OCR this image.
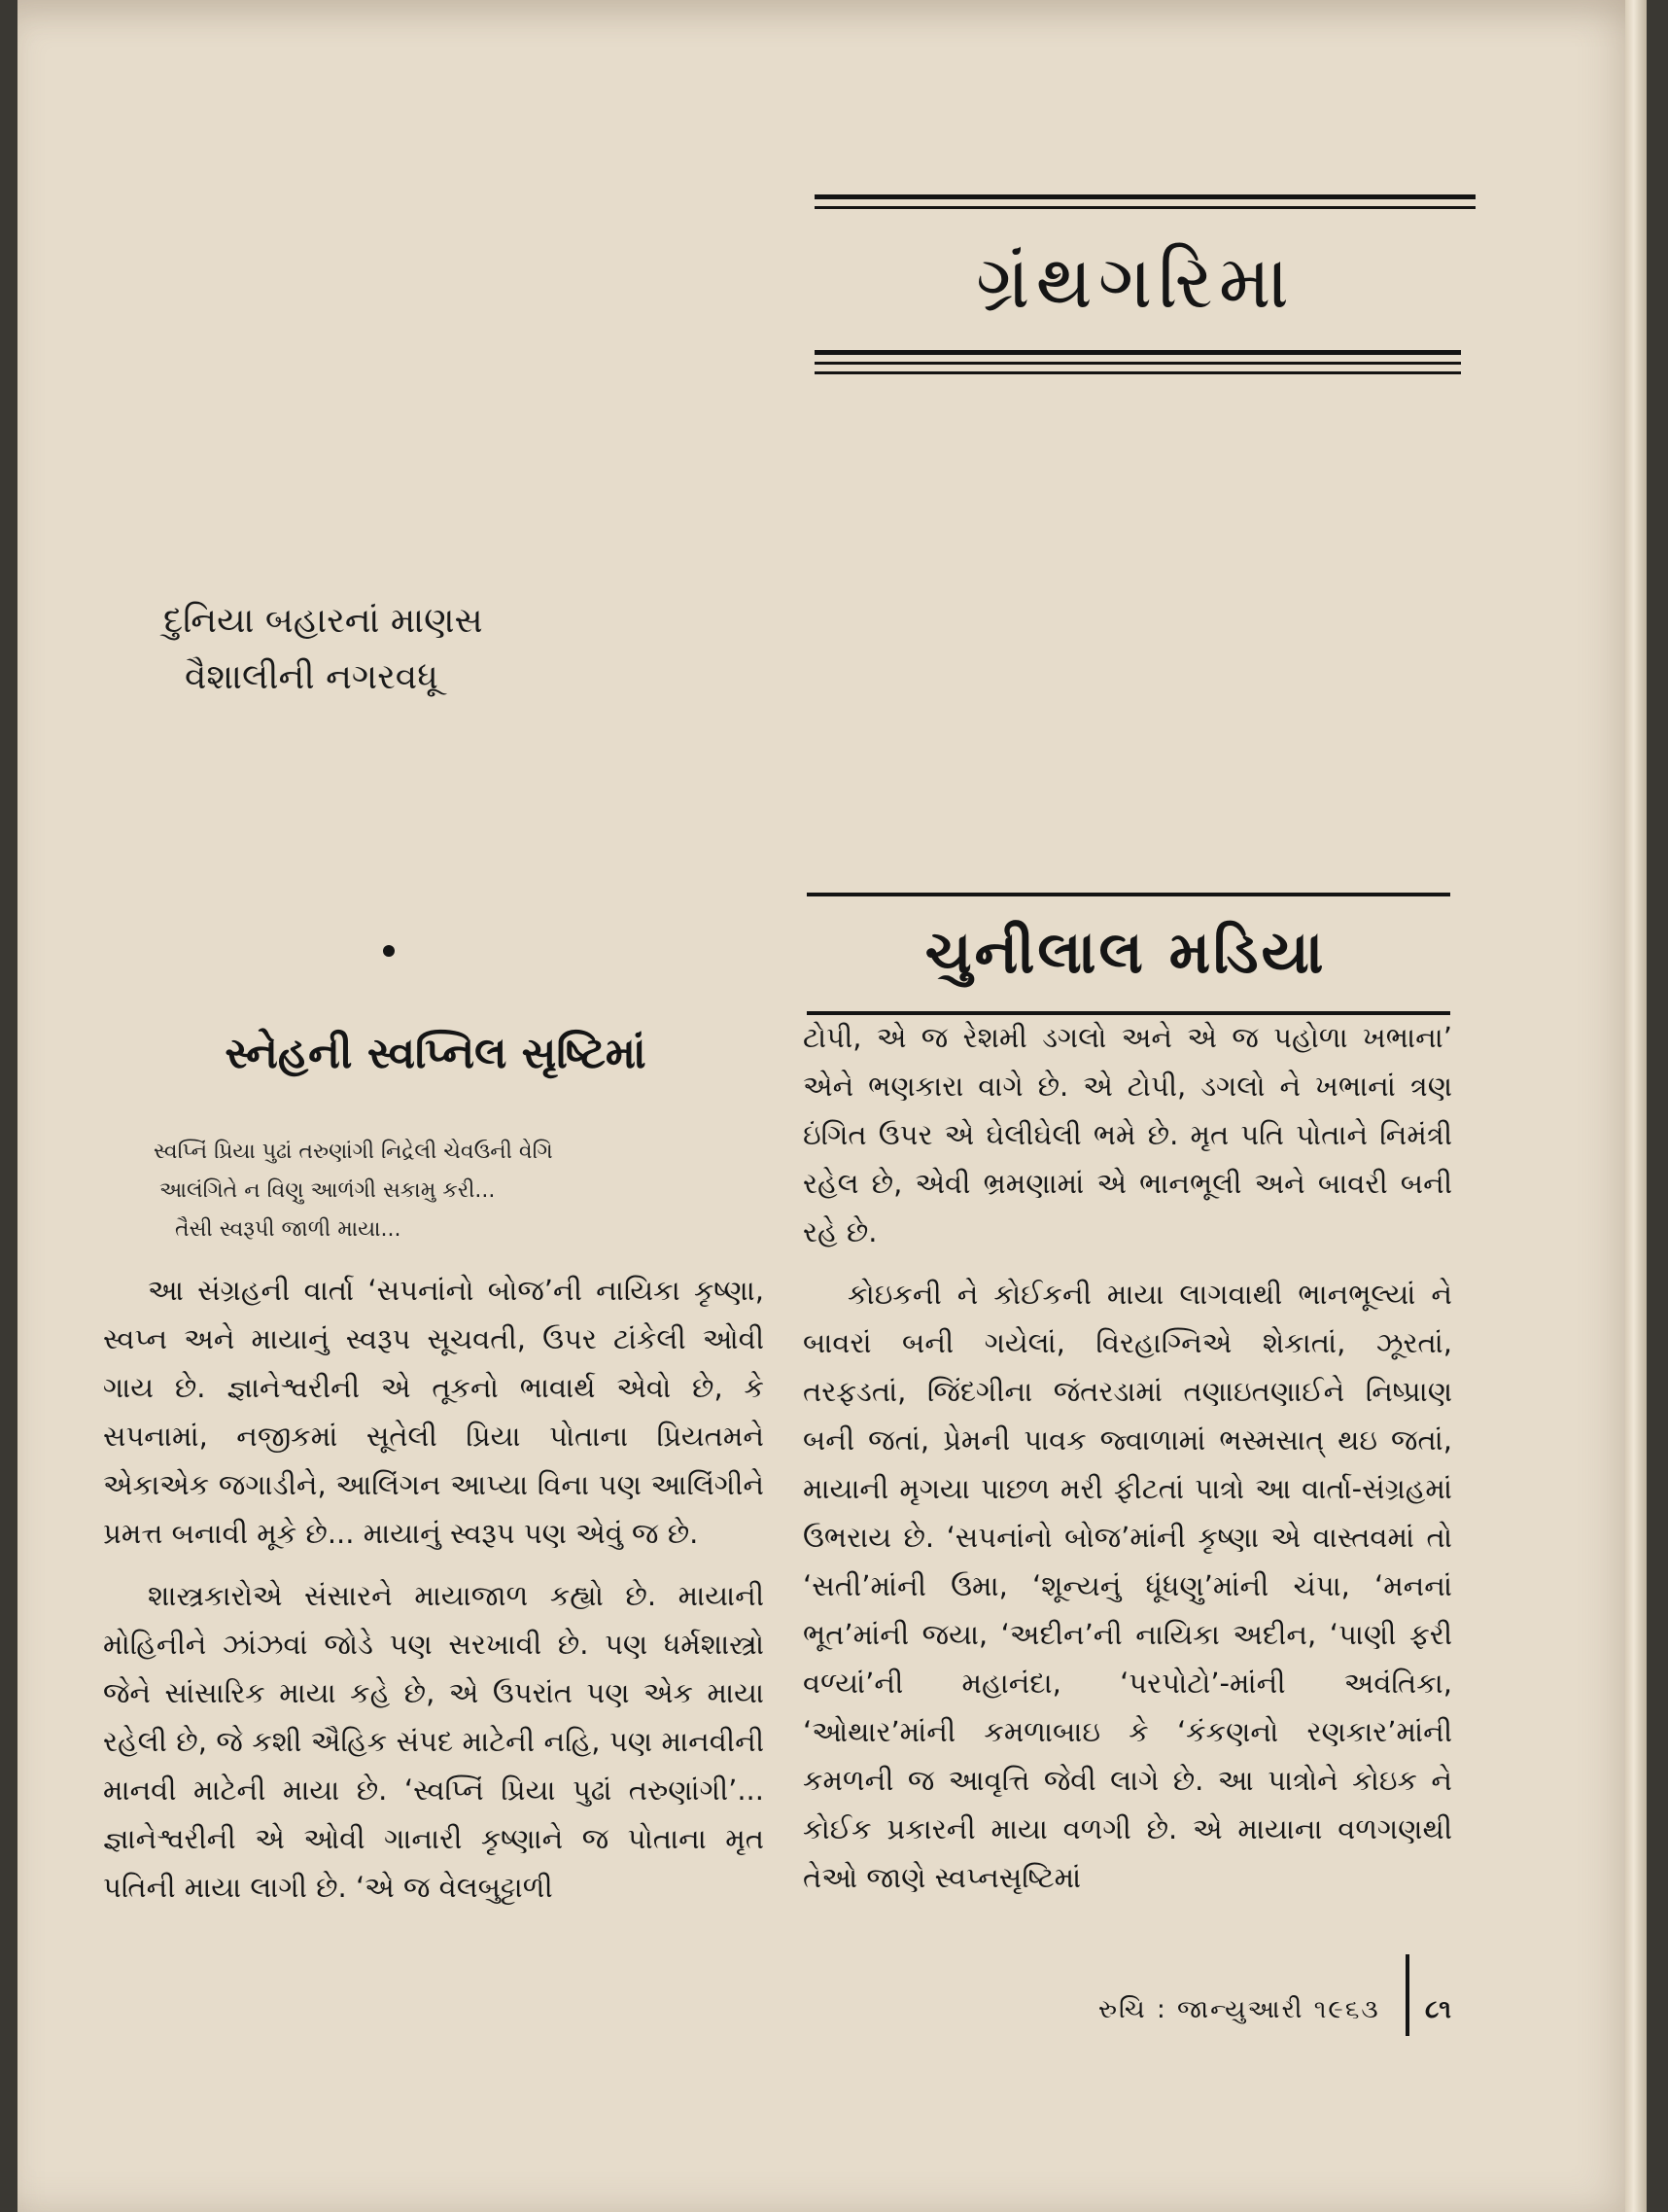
ગ્રંથગરિમા
ચુનીલાલ મડિયા
દુનિયા બહારનાં માણસ
વૈશાલીની નગરવધૂ
સ્નેહની સ્વપ્નિલ સૃષ્ટિમાં
સ્વપ્નિં પ્રિયા પુઢાં તરુણાંગી નિદ્રેલી ચેવઉની વેગિ
આલંગિતે ન વિણુ આળંગી સકામુ કરી...
તૈસી સ્વરૂપી જાળી માયા...

આ સંગ્રહની વાર્તા ‘સપનાંનો બોજ’ની નાયિકા કૃષ્ણા, સ્વપ્ન અને માયાનું સ્વરૂપ સૂચવતી, ઉપર ટાંકેલી ઓવી ગાય છે. જ્ઞાનેશ્વરીની એ તૂકનો ભાવાર્થ એવો છે, કે સપનામાં, નજીકમાં સૂતેલી પ્રિયા પોતાના પ્રિયતમને એકાએક જગાડીને, આલિંગન આપ્યા વિના પણ આલિંગીને પ્રમત્ત બનાવી મૂકે છે... માયાનું સ્વરૂપ પણ એવું જ છે.

શાસ્ત્રકારોએ સંસારને માયાજાળ કહ્યો છે. માયાની મોહિનીને ઝાંઝવાં જોડે પણ સરખાવી છે. પણ ધર્મશાસ્ત્રો જેને સાંસારિક માયા કહે છે, એ ઉપરાંત પણ એક માયા રહેલી છે, જે કશી ઐહિક સંપદ માટેની નહિ, પણ માનવીની માનવી માટેની માયા છે. ‘સ્વપ્નિં પ્રિયા પુઢાં તરુણાંગી’... જ્ઞાનેશ્વરીની એ ઓવી ગાનારી કૃષ્ણાને જ પોતાના મૃત પતિની માયા લાગી છે. ‘એ જ વેલબુટ્ટાળી

ટોપી, એ જ રેશમી ડગલો અને એ જ પહોળા ખભાના’ એને ભણકારા વાગે છે. એ ટોપી, ડગલો ને ખભાનાં ત્રણ ઇંગિત ઉપર એ ઘેલીઘેલી ભમે છે. મૃત પતિ પોતાને નિમંત્રી રહેલ છે, એવી ભ્રમણામાં એ ભાનભૂલી અને બાવરી બની રહે છે.

કોઇકની ને કોઈકની માયા લાગવાથી ભાનભૂલ્યાં ને બાવરાં બની ગયેલાં, વિરહાગ્નિએ શેકાતાં, ઝૂરતાં, તરફડતાં, જિંદગીના જંતરડામાં તણાઇતણાઈને નિષ્પ્રાણ બની જતાં, પ્રેમની પાવક જ્વાળામાં ભસ્મસાત્ થઇ જતાં, માયાની મૃગયા પાછળ મરી ફીટતાં પાત્રો આ વાર્તા-સંગ્રહમાં ઉભરાય છે. ‘સપનાંનો બોજ’માંની કૃષ્ણા એ વાસ્તવમાં તો ‘સતી’માંની ઉમા, ‘શૂન્યનું ધૂંધણુ’માંની ચંપા, ‘મનનાં ભૂત’માંની જયા, ‘અદીન’ની નાયિકા અદીન, ‘પાણી ફરી વળ્યાં’ની મહાનંદા, ‘પરપોટો’-માંની અવંતિકા, ‘ઓથાર’માંની કમળાબાઇ કે ‘કંકણનો રણકાર’માંની કમળની જ આવૃત્તિ જેવી લાગે છે. આ પાત્રોને કોઇક ને કોઈક પ્રકારની માયા વળગી છે. એ માયાના વળગણથી તેઓ જાણે સ્વપ્નસૃષ્ટિમાં

રુચિ : જાન્યુઆરી ૧૯૬૩ ૮૧
